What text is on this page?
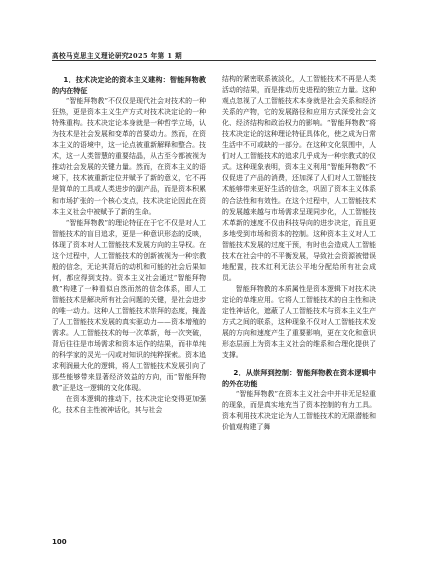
高校马克思主义理论研究 2025 年第 1 期
1．技术决定论的资本主义建构：智能拜物教的内在特征

“智能拜物教”不仅仅是现代社会对技术的一种狂热，更是资本主义生产方式对技术决定论的一种特殊重构。技术决定论本身就是一种哲学立场，认为技术是社会发展和变革的首要动力。然而，在资本主义的语境中，这一论点被重新解释和整合。技术，这一人类智慧的重要结晶，从古至今都被视为推动社会发展的关键力量。然而，在资本主义的语境下，技术被重新定位并赋予了新的意义，它不再是简单的工具或人类进步的副产品，而是资本积累和市场扩张的一个核心支点，技术决定论因此在资本主义社会中被赋予了新的生命。

“智能拜物教”的理论特征在于它不仅是对人工智能技术的盲目追求，更是一种意识形态的反映，体现了资本对人工智能技术发展方向的主导权。在这个过程中，人工智能技术的创新被视为一种宗教般的信念，无论其背后的动机和可能的社会后果如何，都应得到支持。资本主义社会通过“智能拜物教”构建了一种看似自然而然的信念体系，即人工智能技术是解决所有社会问题的关键，是社会进步的唯一动力。这种人工智能技术崇拜的态度，掩盖了人工智能技术发展的真实驱动力——资本增殖的需求。人工智能技术的每一次革新，每一次突破，背后往往是市场需求和资本运作的结果，而非单纯的科学家的灵光一闪或对知识的纯粹探索。资本追求利润最大化的逻辑，将人工智能技术发展引向了那些能够带来显著经济效益的方向，而“智能拜物教”正是这一逻辑的文化体现。

在资本逻辑的推动下，技术决定论变得更加强化，技术自主性被神话化，其与社会

结构的紧密联系被淡化，人工智能技术不再是人类活动的结果，而是推动历史进程的独立力量。这种观点忽视了人工智能技术本身就是社会关系和经济关系的产物，它的发展路径和应用方式深受社会文化、经济结构和政治权力的影响。“智能拜物教”将技术决定论的这种理论特征具体化，使之成为日常生活中不可或缺的一部分。在这种文化氛围中，人们对人工智能技术的追求几乎成为一种宗教式的仪式。这种现象表明，资本主义利用“智能拜物教”不仅促进了产品的消费，还加深了人们对人工智能技术能够带来更好生活的信念，巩固了资本主义体系的合法性和有效性。在这个过程中，人工智能技术的发展越来越与市场需求呈现同步化，人工智能技术革新的速度不仅由科技导向的进步决定，而且更多地受到市场和资本的控制。这种资本主义对人工智能技术发展的过度干预，有时也会造成人工智能技术在社会中的不平衡发展，导致社会资源被错误地配置，技术红利无法公平地分配给所有社会成员。

智能拜物教的本质属性是资本逻辑下对技术决定论的单维应用。它将人工智能技术的自主性和决定性神话化，遮蔽了人工智能技术与资本主义生产方式之间的联系，这种现象不仅对人工智能技术发展的方向和速度产生了重要影响，更在文化和意识形态层面上为资本主义社会的维系和合理化提供了支撑。

2．从崇拜到控制：智能拜物教在资本逻辑中的外在功能

“智能拜物教”在资本主义社会中并非无足轻重的现象，而是真实地充当了资本控制的有力工具。资本利用技术决定论为人工智能技术的无限潜能和价值观构建了舞

100
